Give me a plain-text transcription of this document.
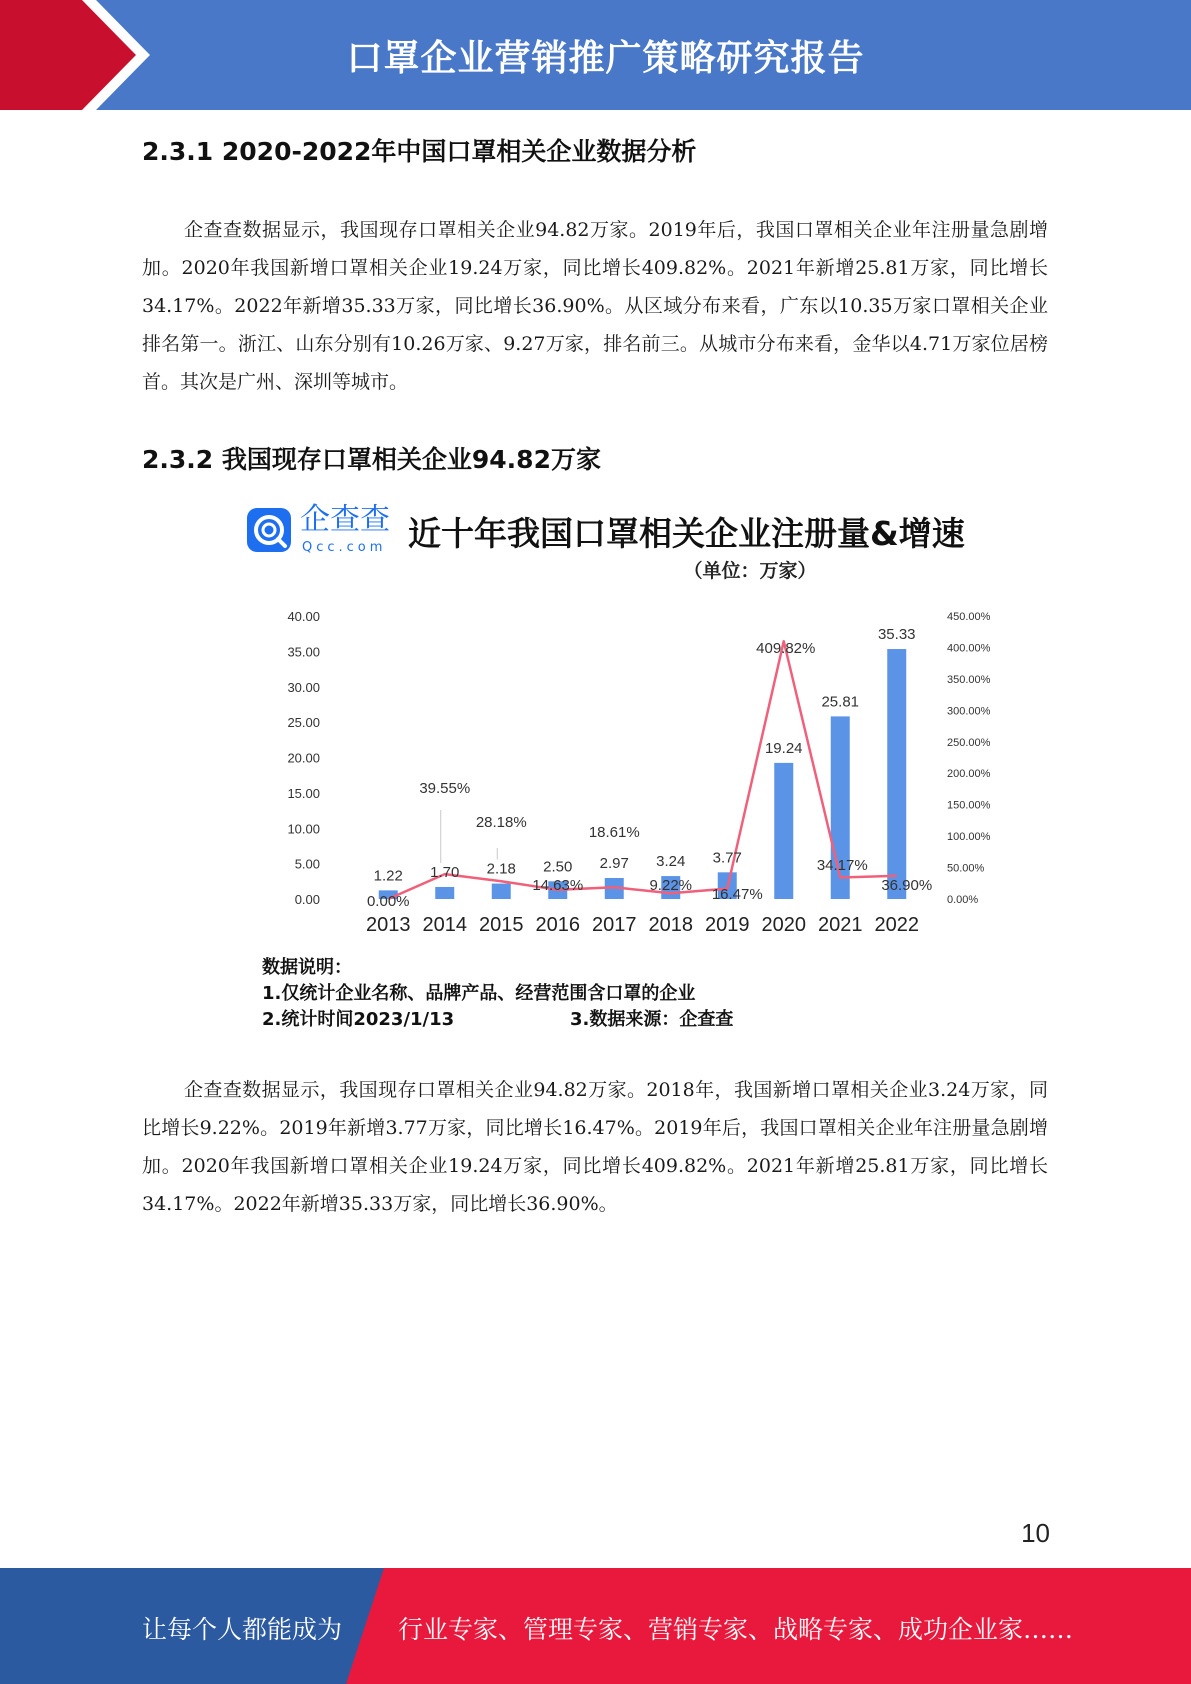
口罩企业营销推广策略研究报告
2.3.1 2020-2022年中国口罩相关企业数据分析
企查查数据显示，我国现存口罩相关企业94.82万家。2019年后，我国口罩相关企业年注册量急剧增加。2020年我国新增口罩相关企业19.24万家，同比增长409.82%。2021年新增25.81万家，同比增长34.17%。2022年新增35.33万家，同比增长36.90%。从区域分布来看，广东以10.35万家口罩相关企业排名第一。浙江、山东分别有10.26万家、9.27万家，排名前三。从城市分布来看，金华以4.71万家位居榜首。其次是广州、深圳等城市。
2.3.2 我国现存口罩相关企业94.82万家
企查查
Qcc.com 近十年我国口罩相关企业注册量&增速
（单位：万家）
0.00
5.00
10.00
15.00
20.00
25.00
30.00
35.00
40.00
0.00%
50.00%
100.00%
150.00%
200.00%
250.00%
300.00%
350.00%
400.00%
450.00%
1.22 1.70 2.18 2.50 2.97 3.24 3.77
19.24
25.81
35.33
0.00%
39.55%
28.18%
14.63%
18.61%
9.22%
16.47%
409.82%
34.17%
36.90%
2013 2014 2015 2016 2017 2018 2019 2020 2021 2022
数据说明：
1.仅统计企业名称、品牌产品、经营范围含口罩的企业
2.统计时间2023/1/13	3.数据来源：企查查
企查查数据显示，我国现存口罩相关企业94.82万家。2018年，我国新增口罩相关企业3.24万家，同比增长9.22%。2019年新增3.77万家，同比增长16.47%。2019年后，我国口罩相关企业年注册量急剧增加。2020年我国新增口罩相关企业19.24万家，同比增长409.82%。2021年新增25.81万家，同比增长34.17%。2022年新增35.33万家，同比增长36.90%。
10
让每个人都能成为 行业专家、管理专家、营销专家、战略专家、成功企业家……
